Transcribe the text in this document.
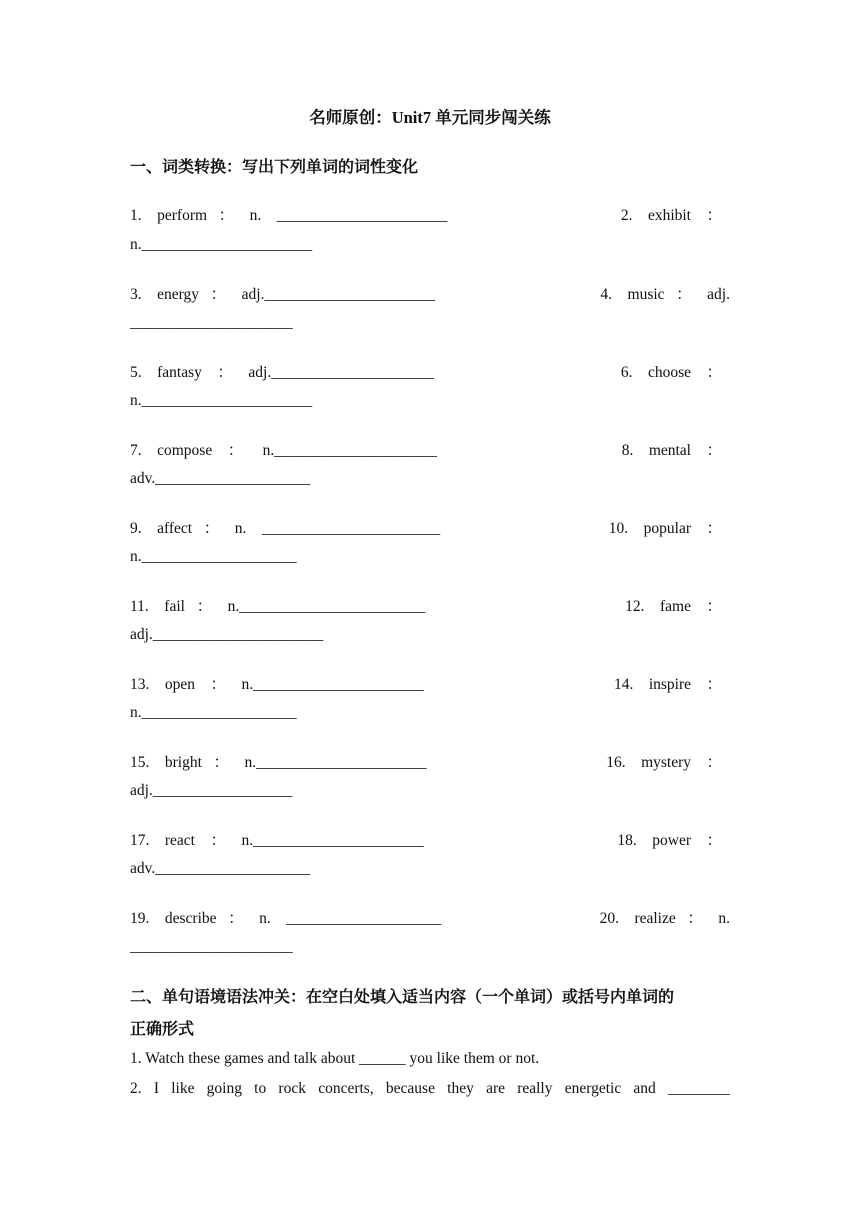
名师原创：Unit7 单元同步闯关练
一、词类转换：写出下列单词的词性变化
1.    perform   ：    n.    ______________________	2.    exhibit    ：
n.______________________
3.    energy   ：    adj.______________________	4.    music   ：    adj.
_____________________
5.    fantasy    ：    adj._____________________	6.    choose    ：
n.______________________
7.    compose    ：     n._____________________	8.    mental    ：
adv.____________________
9.    affect   ：    n.    _______________________	10.    popular    ：
n.____________________
11.    fail   ：    n.________________________	12.    fame    ：
adj.______________________
13.    open    ：    n.______________________	14.    inspire    ：
n.____________________
15.    bright   ：    n.______________________	16.    mystery    ：
adj.__________________
17.    react    ：    n.______________________	18.    power    ：
adv.____________________
19.    describe   ：    n.    ____________________	20.    realize   ：    n.
_____________________
二、单句语境语法冲关：在空白处填入适当内容（一个单词）或括号内单词的
正确形式
1. Watch these games and talk about ______ you like them or not.
2. I like going to rock concerts, because they are really energetic and ________
